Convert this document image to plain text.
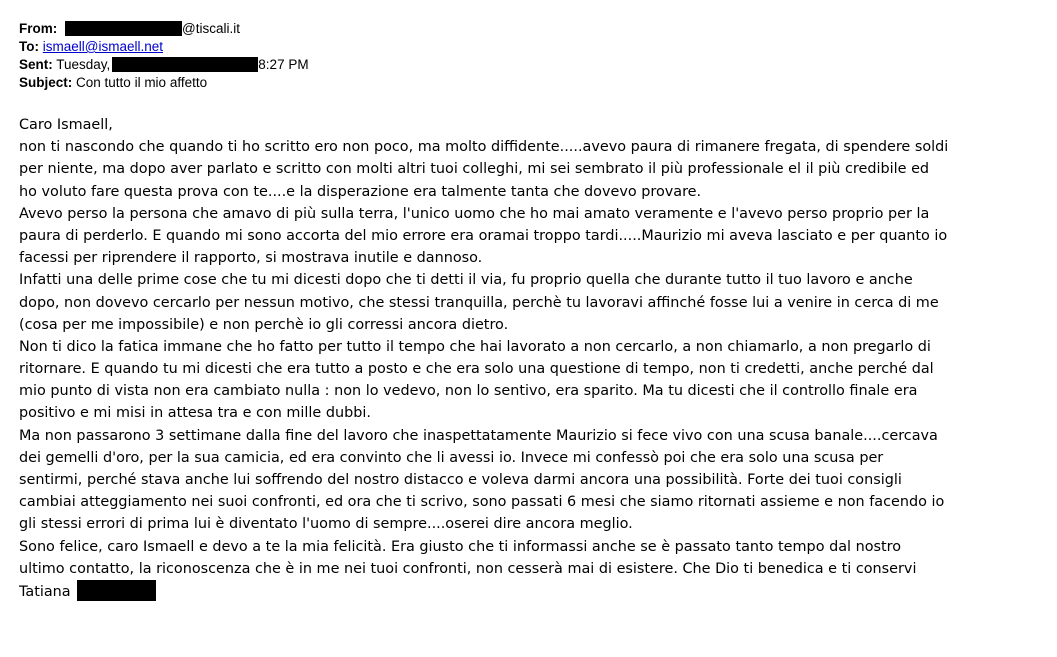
From:	@tiscali.it
To: ismaell@ismaell.net
Sent: Tuesday,	8:27 PM
Subject: Con tutto il mio affetto
Caro Ismaell,
non ti nascondo che quando ti ho scritto ero non poco, ma molto diffidente.....avevo paura di rimanere fregata, di spendere soldi
per niente, ma dopo aver parlato e scritto con molti altri tuoi colleghi, mi sei sembrato il più professionale el il più credibile ed
ho voluto fare questa prova con te....e la disperazione era talmente tanta che dovevo provare.
Avevo perso la persona che amavo di più sulla terra, l'unico uomo che ho mai amato veramente e l'avevo perso proprio per la
paura di perderlo. E quando mi sono accorta del mio errore era oramai troppo tardi.....Maurizio mi aveva lasciato e per quanto io
facessi per riprendere il rapporto, si mostrava inutile e dannoso.
Infatti una delle prime cose che tu mi dicesti dopo che ti detti il via, fu proprio quella che durante tutto il tuo lavoro e anche
dopo, non dovevo cercarlo per nessun motivo, che stessi tranquilla, perchè tu lavoravi affinché fosse lui a venire in cerca di me
(cosa per me impossibile) e non perchè io gli corressi ancora dietro.
Non ti dico la fatica immane che ho fatto per tutto il tempo che hai lavorato a non cercarlo, a non chiamarlo, a non pregarlo di
ritornare. E quando tu mi dicesti che era tutto a posto e che era solo una questione di tempo, non ti credetti, anche perché dal
mio punto di vista non era cambiato nulla : non lo vedevo, non lo sentivo, era sparito. Ma tu dicesti che il controllo finale era
positivo e mi misi in attesa tra e con mille dubbi.
Ma non passarono 3 settimane dalla fine del lavoro che inaspettatamente Maurizio si fece vivo con una scusa banale....cercava
dei gemelli d'oro, per la sua camicia, ed era convinto che li avessi io. Invece mi confessò poi che era solo una scusa per
sentirmi, perché stava anche lui soffrendo del nostro distacco e voleva darmi ancora una possibilità. Forte dei tuoi consigli
cambiai atteggiamento nei suoi confronti, ed ora che ti scrivo, sono passati 6 mesi che siamo ritornati assieme e non facendo io
gli stessi errori di prima lui è diventato l'uomo di sempre....oserei dire ancora meglio.
Sono felice, caro Ismaell e devo a te la mia felicità. Era giusto che ti informassi anche se è passato tanto tempo dal nostro
ultimo contatto, la riconoscenza che è in me nei tuoi confronti, non cesserà mai di esistere. Che Dio ti benedica e ti conservi
Tatiana
